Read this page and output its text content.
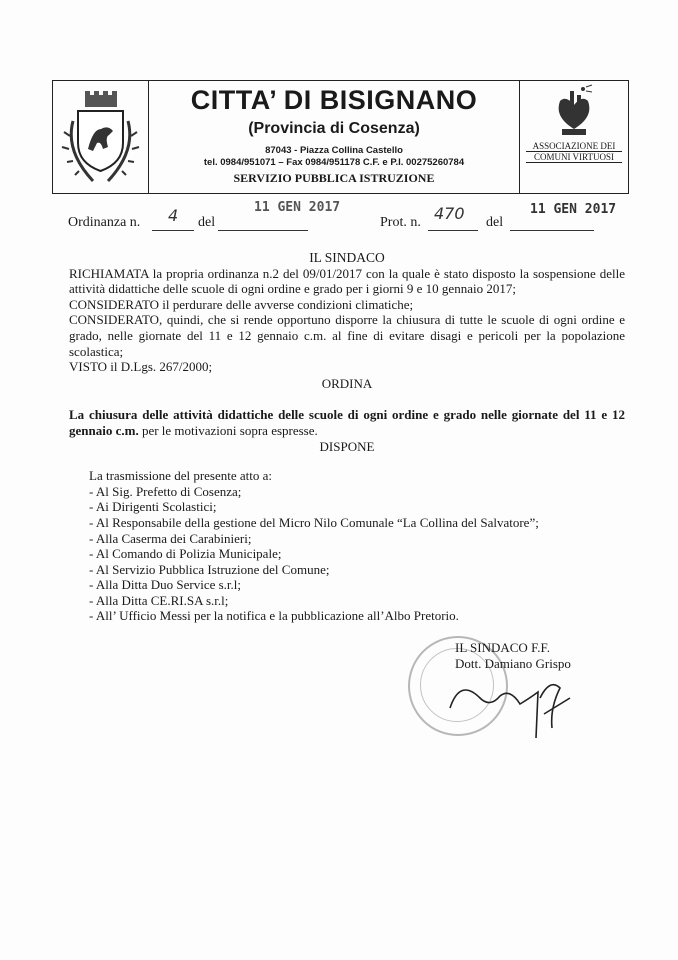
CITTA’ DI BISIGNANO
(Provincia di Cosenza)
87043 - Piazza Collina Castello
tel. 0984/951071 – Fax 0984/951178 C.F. e P.I. 00275260784
SERVIZIO PUBBLICA ISTRUZIONE
ASSOCIAZIONE DEI
COMUNI VIRTUOSI
Ordinanza n. 4 del
11 GEN 2017
Prot. n. 470 del
11 GEN 2017

IL SINDACO

RICHIAMATA la propria ordinanza n.2 del 09/01/2017 con la quale è stato disposto la sospensione delle attività didattiche delle scuole di ogni ordine e grado per i giorni 9 e 10 gennaio 2017;

CONSIDERATO il perdurare delle avverse condizioni climatiche;

CONSIDERATO, quindi, che si rende opportuno disporre la chiusura di tutte le scuole di ogni ordine e grado, nelle giornate del 11 e 12 gennaio c.m. al fine di evitare disagi e pericoli per la popolazione scolastica;

VISTO il D.Lgs. 267/2000;

ORDINA

La chiusura delle attività didattiche delle scuole di ogni ordine e grado nelle giornate del 11 e 12 gennaio c.m. per le motivazioni sopra espresse.

DISPONE

La trasmissione del presente atto a:

- Al Sig. Prefetto di Cosenza;
- Ai Dirigenti Scolastici;
- Al Responsabile della gestione del Micro Nilo Comunale “La Collina del Salvatore”;
- Alla Caserma dei Carabinieri;
- Al Comando di Polizia Municipale;
- Al Servizio Pubblica Istruzione del Comune;
- Alla Ditta Duo Service s.r.l;
- Alla Ditta CE.RI.SA s.r.l;
- All’ Ufficio Messi per la notifica e la pubblicazione all’Albo Pretorio.
IL SINDACO F.F.
Dott. Damiano Grispo
